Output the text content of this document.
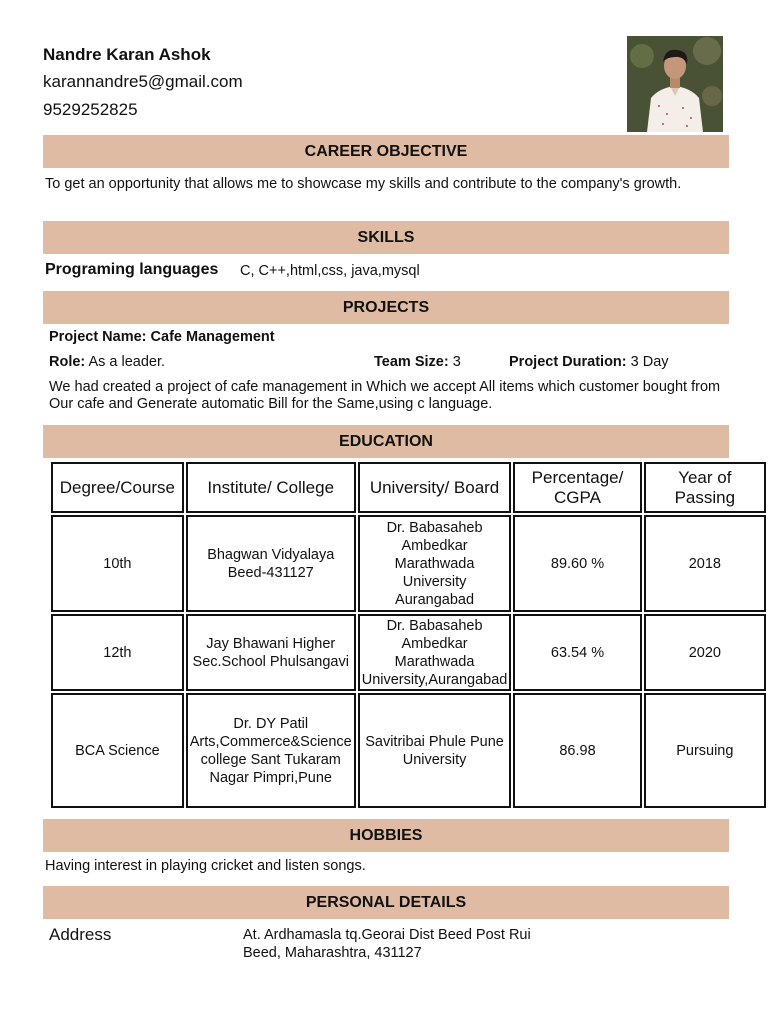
Nandre Karan Ashok
karannandre5@gmail.com
9529252825
CAREER OBJECTIVE
To get an opportunity that allows me to showcase my skills and contribute to the company's growth.
SKILLS
Programing languages C, C++,html,css, java,mysql
PROJECTS
Project Name: Cafe Management
Role: As a leader.	Team Size: 3	Project Duration: 3 Day
We had created a project of cafe management in Which we accept All items which customer bought from Our cafe and Generate automatic Bill for the Same,using c language.
EDUCATION
Degree/Course	Institute/ College	University/ Board	Percentage/ CGPA	Year of Passing
10th	Bhagwan Vidyalaya Beed-431127	Dr. Babasaheb Ambedkar Marathwada University Aurangabad	89.60 %	2018
12th	Jay Bhawani Higher Sec.School Phulsangavi	Dr. Babasaheb Ambedkar Marathwada University,Aurangabad	63.54 %	2020
BCA Science	Dr. DY Patil Arts,Commerce&Science college Sant Tukaram Nagar Pimpri,Pune	Savitribai Phule Pune University	86.98	Pursuing
HOBBIES
Having interest in playing cricket and listen songs.
PERSONAL DETAILS
Address	At. Ardhamasla tq.Georai Dist Beed Post Rui
Beed, Maharashtra, 431127
